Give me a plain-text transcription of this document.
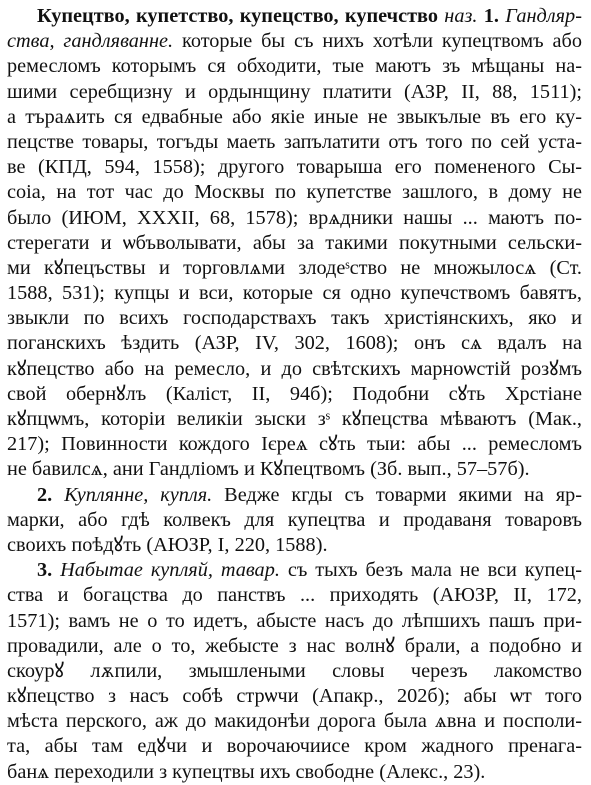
Купецтво, купетство, купецство, купечство наз. 1. Гандляр-
ства, гандляванне. которые бы съ нихъ хотѣли купецтвомъ або
ремесломъ которымъ ся обходити, тые маютъ зъ мѣщаны на-
шими серебщизну и ордынщину платити (АЗР, II, 88, 1511);
а търаѧить ся едвабные або якіе иные не звыкълые въ его ку-
пецстве товары, тогъды маеть запълатити отъ того по сей уста-
ве (КПД, 594, 1558); другого товарыша его помененого Сы-
соіа, на тот час до Москвы по купетстве зашлого, в дому не
было (ИЮМ, XXXII, 68, 1578); врѧдники нашы ... маютъ по-
стерегати и ѡбъволывати, абы за такими покутными сельски-
ми кꙋпецъствы и торговлѧми злодеˢство не множылосѧ (Ст.
1588, 531); купцы и вси, которые ся одно купечствомъ бавятъ,
звыкли по всихъ господарствахъ такъ христіянскихъ, яко и
поганскихъ ѣздить (АЗР, IV, 302, 1608); онъ сѧ вдалъ на
кꙋпецство або на ремесло, и до свѣтскихъ марноѡстій розꙋмъ
свой обернꙋлъ (Калiст, II, 94б); Подобни сꙋть Хрстіане
кꙋпцѡмъ, которіи великіи зыски зˢ кꙋпецства мѣваютъ (Мак.,
217); Повинности кождого Ієреѧ сꙋть тыи: абы ... ремесломъ
не бавилсѧ, ани Гандлiомъ и Кꙋпецтвомъ (Зб. вып., 57–57б).
2. Куплянне, купля. Ведже кгды съ товарми якими на яр-
марки, або гдѣ колвекъ для купецтва и продаваня товаровъ
своихъ поѣдꙋть (АЮЗР, I, 220, 1588).
3. Набытае купляй, тавар. съ тыхъ безъ мала не вси купец-
ства и богацства до панствъ ... приходять (АЮЗР, II, 172,
1571); вамъ не о то идетъ, абысте насъ до лѣпшихъ пашъ при-
провадили, але о то, жебысте з нас волнꙋ брали, а подобно и
скоурꙋ лѫпили, змышлеными словы черезъ лакомство
кꙋпецство з насъ собѣ стрѡчи (Апакр., 202б); абы ѡт того
мѣста перского, аж до макидонѣи дорога была ѧвна и посполи-
та, абы там едꙋчи и ворочаючиисе кром жадного пренага-
банѧ переходили з купецтвы ихъ свободне (Алекс., 23).
